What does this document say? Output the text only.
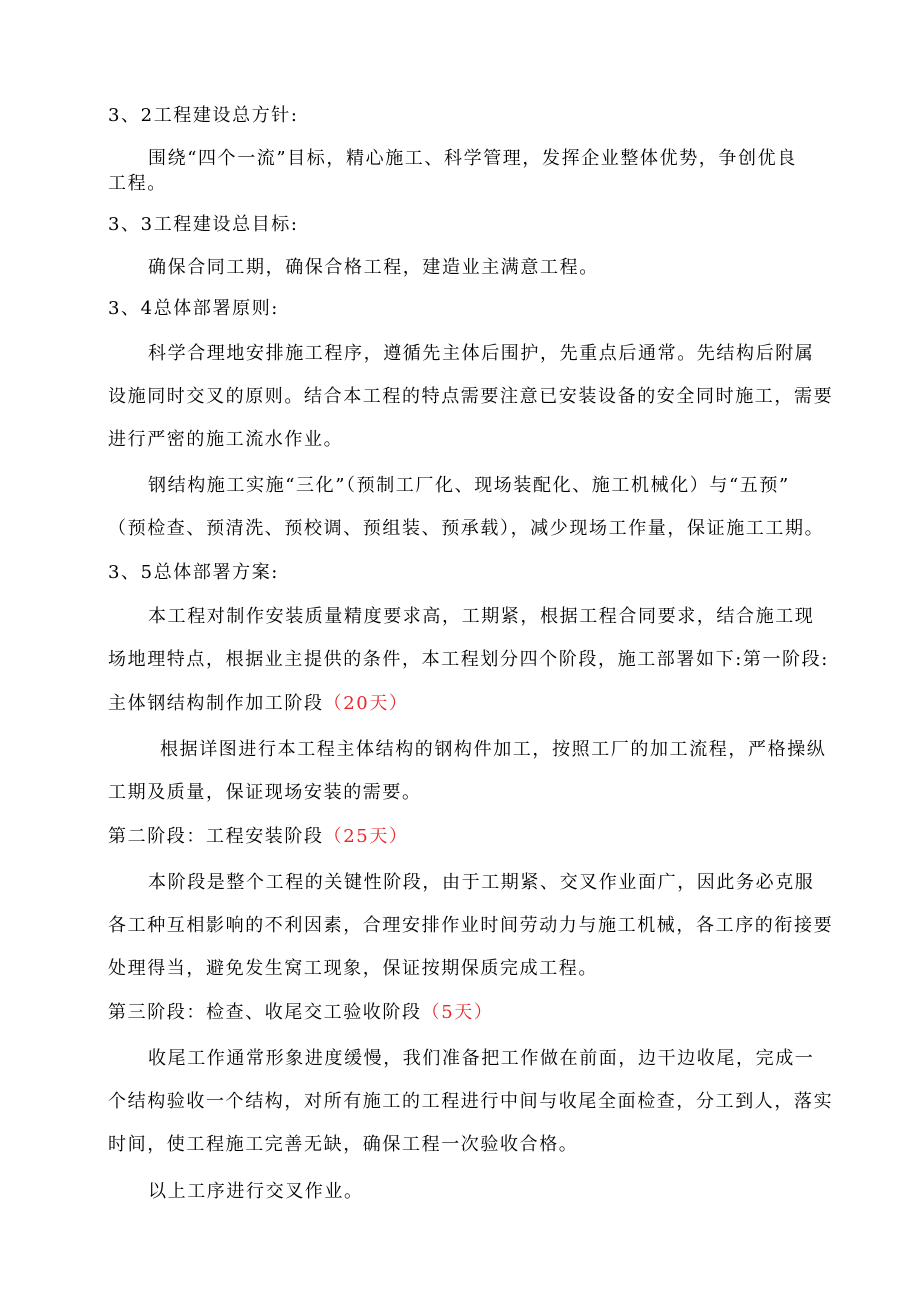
3、2工程建设总方针:
围绕“四个一流”目标，精心施工、科学管理，发挥企业整体优势，争创优良
工程。
3、3工程建设总目标:
确保合同工期，确保合格工程，建造业主满意工程。
3、4总体部署原则:
科学合理地安排施工程序，遵循先主体后围护，先重点后通常。先结构后附属
设施同时交叉的原则。结合本工程的特点需要注意已安装设备的安全同时施工，需要
进行严密的施工流水作业。
钢结构施工实施“三化”（预制工厂化、现场装配化、施工机械化）与“五预”
（预检查、预清洗、预校调、预组装、预承载），减少现场工作量，保证施工工期。
3、5总体部署方案:
本工程对制作安装质量精度要求高，工期紧，根据工程合同要求，结合施工现
场地理特点，根据业主提供的条件，本工程划分四个阶段，施工部署如下:第一阶段:
主体钢结构制作加工阶段（20天）
根据详图进行本工程主体结构的钢构件加工，按照工厂的加工流程，严格操纵
工期及质量，保证现场安装的需要。
第二阶段：工程安装阶段（25天）
本阶段是整个工程的关键性阶段，由于工期紧、交叉作业面广，因此务必克服
各工种互相影响的不利因素，合理安排作业时间劳动力与施工机械，各工序的衔接要
处理得当，避免发生窝工现象，保证按期保质完成工程。
第三阶段：检查、收尾交工验收阶段（5天）
收尾工作通常形象进度缓慢，我们准备把工作做在前面，边干边收尾，完成一
个结构验收一个结构，对所有施工的工程进行中间与收尾全面检查，分工到人，落实
时间，使工程施工完善无缺，确保工程一次验收合格。
以上工序进行交叉作业。
